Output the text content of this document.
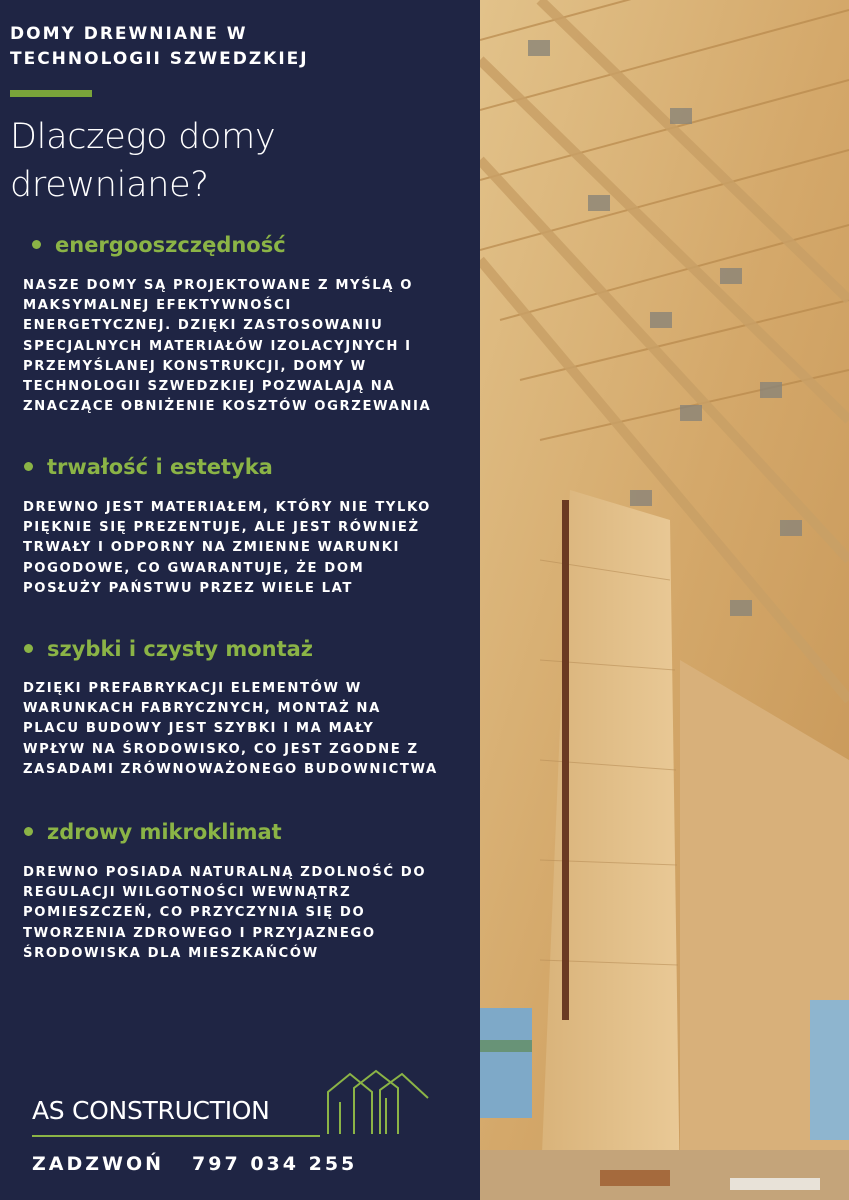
DOMY DREWNIANE W
TECHNOLOGII SZWEDZKIEJ
Dlaczego domy
drewniane?
energooszczędność
NASZE DOMY SĄ PROJEKTOWANE Z MYŚLĄ O MAKSYMALNEJ EFEKTYWNOŚCI ENERGETYCZNEJ. DZIĘKI ZASTOSOWANIU SPECJALNYCH MATERIAŁÓW IZOLACYJNYCH I PRZEMYŚLANEJ KONSTRUKCJI, DOMY W TECHNOLOGII SZWEDZKIEJ POZWALAJĄ NA ZNACZĄCE OBNIŻENIE KOSZTÓW OGRZEWANIA
trwałość i estetyka
DREWNO JEST MATERIAŁEM, KTÓRY NIE TYLKO PIĘKNIE SIĘ PREZENTUJE, ALE JEST RÓWNIEŻ TRWAŁY I ODPORNY NA ZMIENNE WARUNKI POGODOWE, CO GWARANTUJE, ŻE DOM POSŁUŻY PAŃSTWU PRZEZ WIELE LAT
szybki i czysty montaż
DZIĘKI PREFABRYKACJI ELEMENTÓW W WARUNKACH FABRYCZNYCH, MONTAŻ NA PLACU BUDOWY JEST SZYBKI I MA MAŁY WPŁYW NA ŚRODOWISKO, CO JEST ZGODNE Z ZASADAMI ZRÓWNOWAŻONEGO BUDOWNICTWA
zdrowy mikroklimat
DREWNO POSIADA NATURALNĄ ZDOLNOŚĆ DO REGULACJI WILGOTNOŚCI WEWNĄTRZ POMIESZCZEŃ, CO PRZYCZYNIA SIĘ DO TWORZENIA ZDROWEGO I PRZYJAZNEGO ŚRODOWISKA DLA MIESZKAŃCÓW
AS CONSTRUCTION
ZADZWOŃ 797 034 255
